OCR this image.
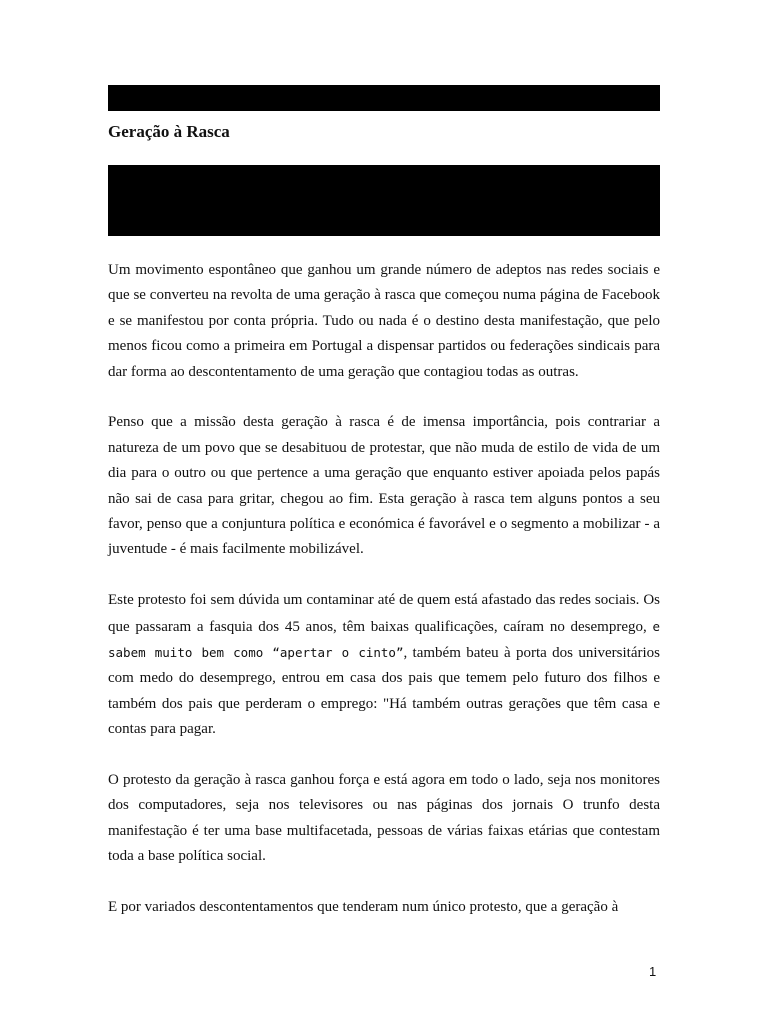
Geração à Rasca

Um movimento espontâneo que ganhou um grande número de adeptos nas redes sociais e que se converteu na revolta de uma geração à rasca que começou numa página de Facebook e se manifestou por conta própria. Tudo ou nada é o destino desta manifestação, que pelo menos ficou como a primeira em Portugal a dispensar partidos ou federações sindicais para dar forma ao descontentamento de uma geração que contagiou todas as outras.

Penso que a missão desta geração à rasca é de imensa importância, pois contrariar a natureza de um povo que se desabituou de protestar, que não muda de estilo de vida de um dia para o outro ou que pertence a uma geração que enquanto estiver apoiada pelos papás não sai de casa para gritar, chegou ao fim. Esta geração à rasca tem alguns pontos a seu favor, penso que a conjuntura política e económica é favorável e o segmento a mobilizar - a juventude - é mais facilmente mobilizável.

Este protesto foi sem dúvida um contaminar até de quem está afastado das redes sociais. Os que passaram a fasquia dos 45 anos, têm baixas qualificações, caíram no desemprego, e sabem muito bem como “apertar o cinto”, também bateu à porta dos universitários com medo do desemprego, entrou em casa dos pais que temem pelo futuro dos filhos e também dos pais que perderam o emprego: "Há também outras gerações que têm casa e contas para pagar.

O protesto da geração à rasca ganhou força e está agora em todo o lado, seja nos monitores dos computadores, seja nos televisores ou nas páginas dos jornais O trunfo desta manifestação é ter uma base multifacetada, pessoas de várias faixas etárias que contestam toda a base política social.

E por variados descontentamentos que tenderam num único protesto, que a geração à

1
